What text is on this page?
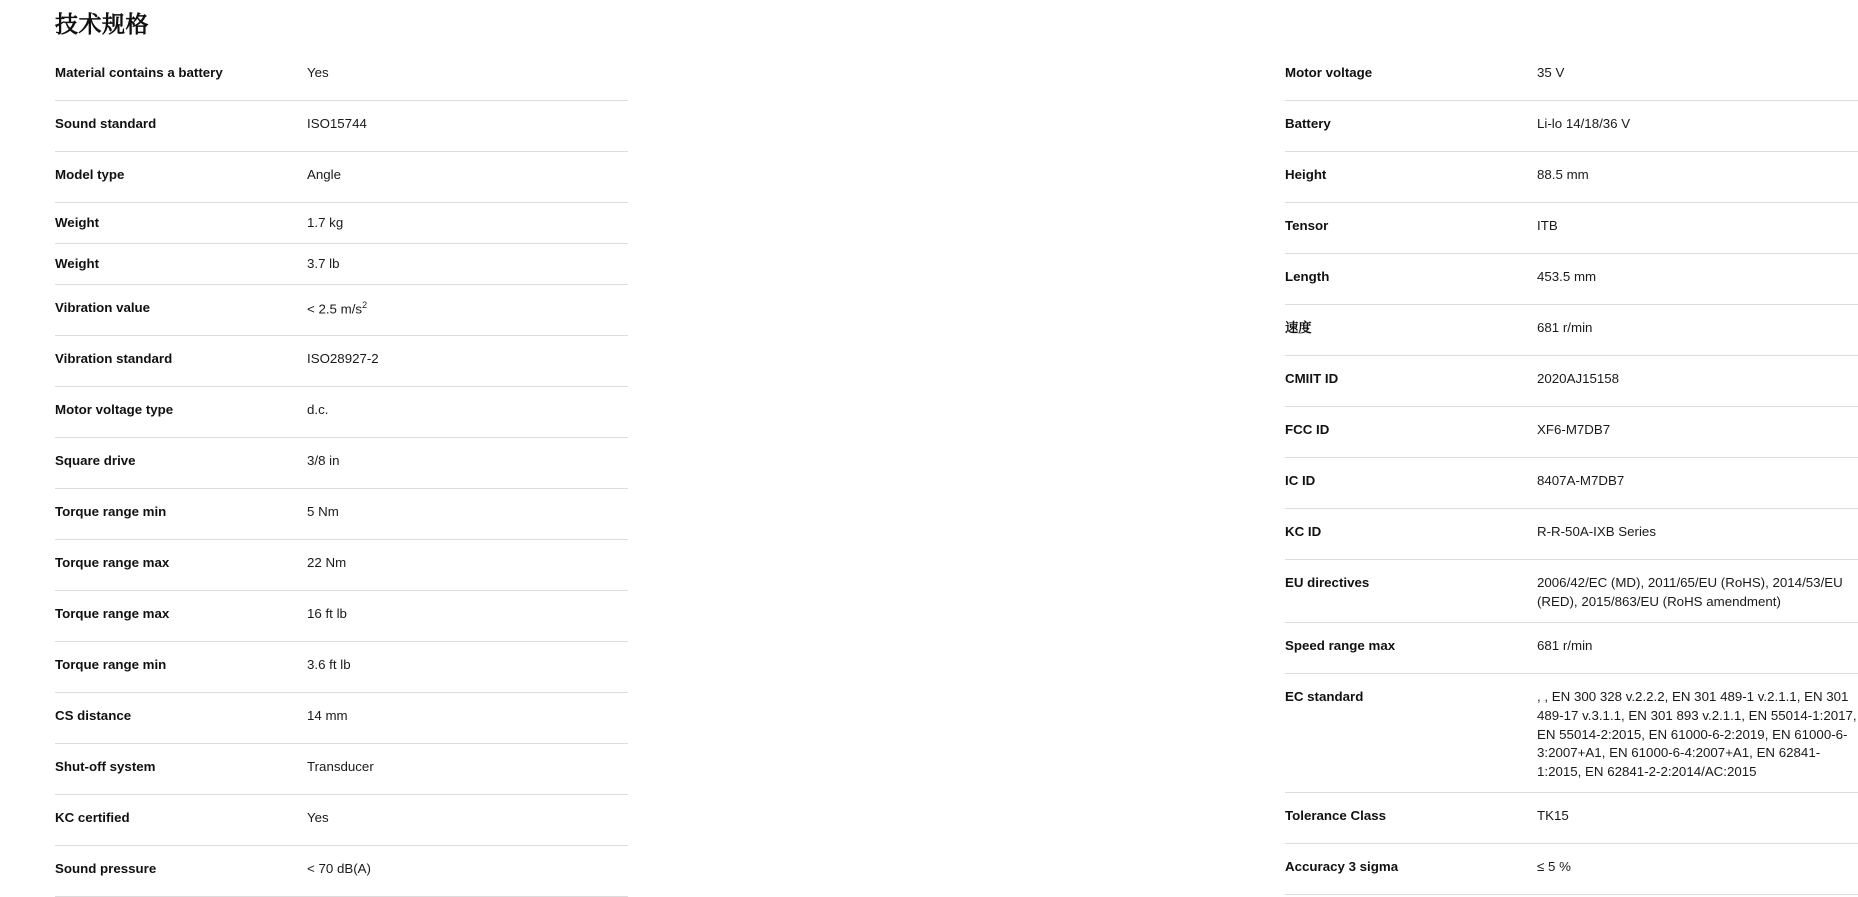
技术规格
Material contains a battery	Yes
Sound standard	ISO15744
Model type	Angle
Weight	1.7 kg
Weight	3.7 lb
Vibration value	< 2.5 $m/s^2$
Vibration standard	ISO28927-2
Motor voltage type	d.c.
Square drive	3/8 in
Torque range min	5 Nm
Torque range max	22 Nm
Torque range max	16 ft lb
Torque range min	3.6 ft lb
CS distance	14 mm
Shut-off system	Transducer
KC certified	Yes
Sound pressure	< 70 dB(A)
Motor voltage	35 V
Battery	Li-lo 14/18/36 V
Height	88.5 mm
Tensor	ITB
Length	453.5 mm
速度	681 r/min
CMIIT ID	2020AJ15158
FCC ID	XF6-M7DB7
IC ID	8407A-M7DB7
KC ID	R-R-50A-IXB Series
EU directives	2006/42/EC (MD), 2011/65/EU (RoHS), 2014/53/EU (RED), 2015/863/EU (RoHS amendment)
Speed range max	681 r/min
EC standard	, , EN 300 328 v.2.2.2, EN 301 489-1 v.2.1.1, EN 301 489-17 v.3.1.1, EN 301 893 v.2.1.1, EN 55014-1:2017, EN 55014-2:2015, EN 61000-6-2:2019, EN 61000-6-3:2007+A1, EN 61000-6-4:2007+A1, EN 62841-1:2015, EN 62841-2-2:2014/AC:2015
Tolerance Class	TK15
Accuracy 3 sigma	≤ 5 %
